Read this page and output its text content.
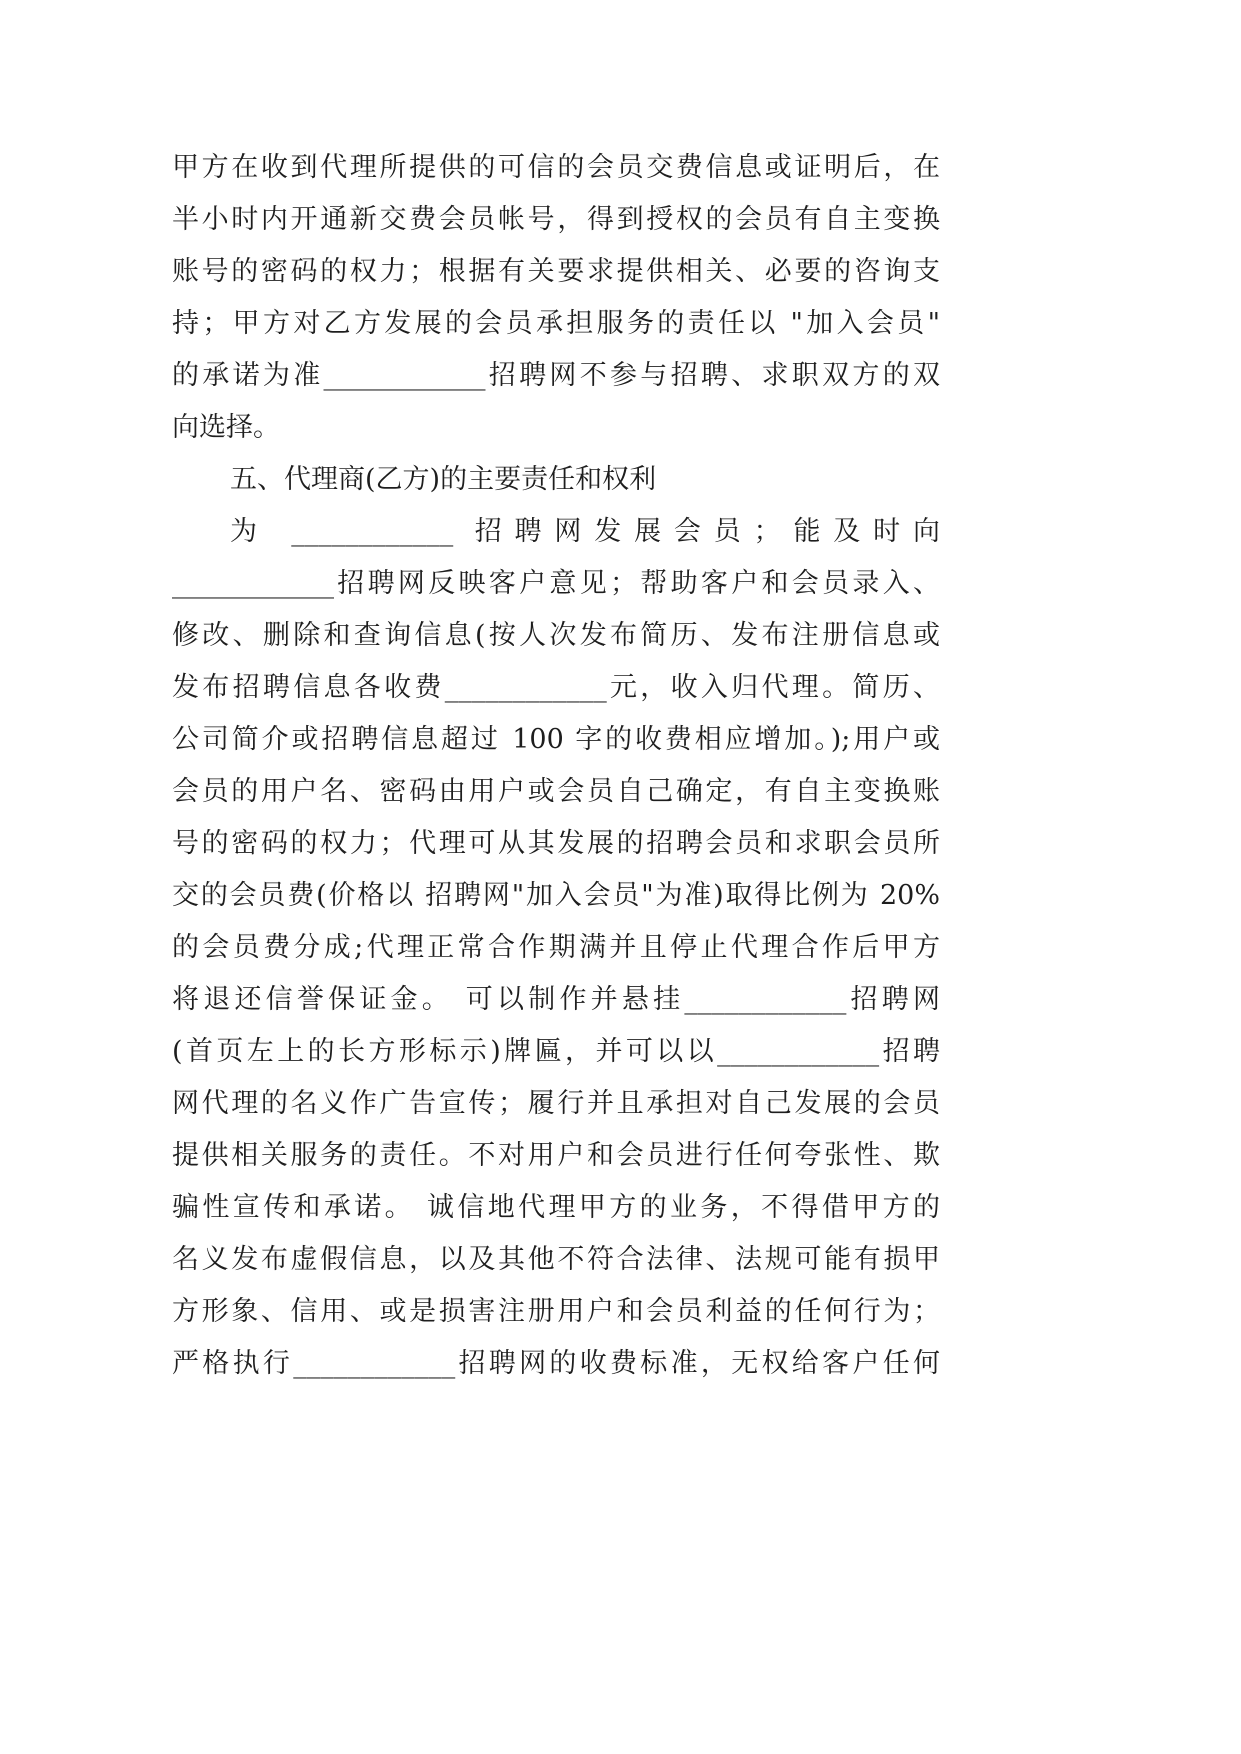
甲方在收到代理所提供的可信的会员交费信息或证明后，在
半小时内开通新交费会员帐号，得到授权的会员有自主变换
账号的密码的权力；根据有关要求提供相关、必要的咨询支
持；甲方对乙方发展的会员承担服务的责任以 "加入会员"
的承诺为准____________招聘网不参与招聘、求职双方的双
向选择。
五、代理商(乙方)的主要责任和权利
为 ____________ 招聘网发展会员；能及时向
____________招聘网反映客户意见；帮助客户和会员录入、
修改、删除和查询信息(按人次发布简历、发布注册信息或
发布招聘信息各收费____________元，收入归代理。简历、
公司简介或招聘信息超过 100 字的收费相应增加。);用户或
会员的用户名、密码由用户或会员自己确定，有自主变换账
号的密码的权力；代理可从其发展的招聘会员和求职会员所
交的会员费(价格以 招聘网"加入会员"为准)取得比例为 20%
的会员费分成;代理正常合作期满并且停止代理合作后甲方
将退还信誉保证金。 可以制作并悬挂____________招聘网
(首页左上的长方形标示)牌匾，并可以以____________招聘
网代理的名义作广告宣传；履行并且承担对自己发展的会员
提供相关服务的责任。不对用户和会员进行任何夸张性、欺
骗性宣传和承诺。 诚信地代理甲方的业务，不得借甲方的
名义发布虚假信息，以及其他不符合法律、法规可能有损甲
方形象、信用、或是损害注册用户和会员利益的任何行为；
严格执行____________招聘网的收费标准，无权给客户任何
